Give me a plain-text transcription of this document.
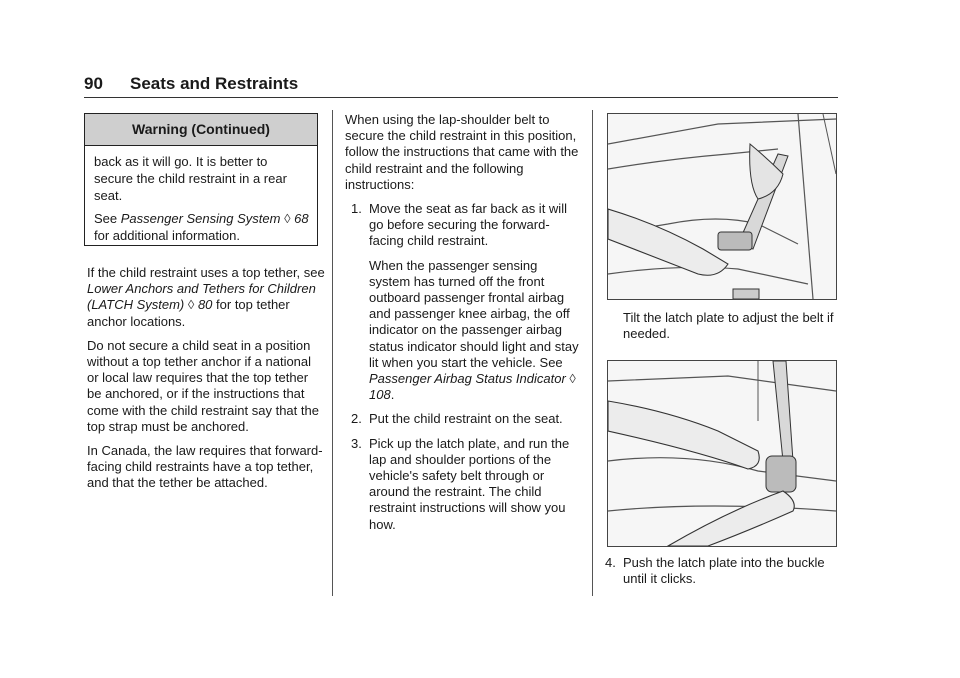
90 Seats and Restraints
Warning (Continued)

back as it will go. It is better to secure the child restraint in a rear seat.

See Passenger Sensing System ◊ 68 for additional information.

If the child restraint uses a top tether, see Lower Anchors and Tethers for Children (LATCH System) ◊ 80 for top tether anchor locations.

Do not secure a child seat in a position without a top tether anchor if a national or local law requires that the top tether be anchored, or if the instructions that come with the child restraint say that the top strap must be anchored.

In Canada, the law requires that forward-facing child restraints have a top tether, and that the tether be attached.

When using the lap-shoulder belt to secure the child restraint in this position, follow the instructions that came with the child restraint and the following instructions:

1. Move the seat as far back as it will go before securing the forward-facing child restraint.

When the passenger sensing system has turned off the front outboard passenger frontal airbag and passenger knee airbag, the off indicator on the passenger airbag status indicator should light and stay lit when you start the vehicle. See Passenger Airbag Status Indicator ◊ 108.

2. Put the child restraint on the seat.
3. Pick up the latch plate, and run the lap and shoulder portions of the vehicle's safety belt through or around the restraint. The child restraint instructions will show you how.
Tilt the latch plate to adjust the belt if needed.
4. Push the latch plate into the buckle until it clicks.
